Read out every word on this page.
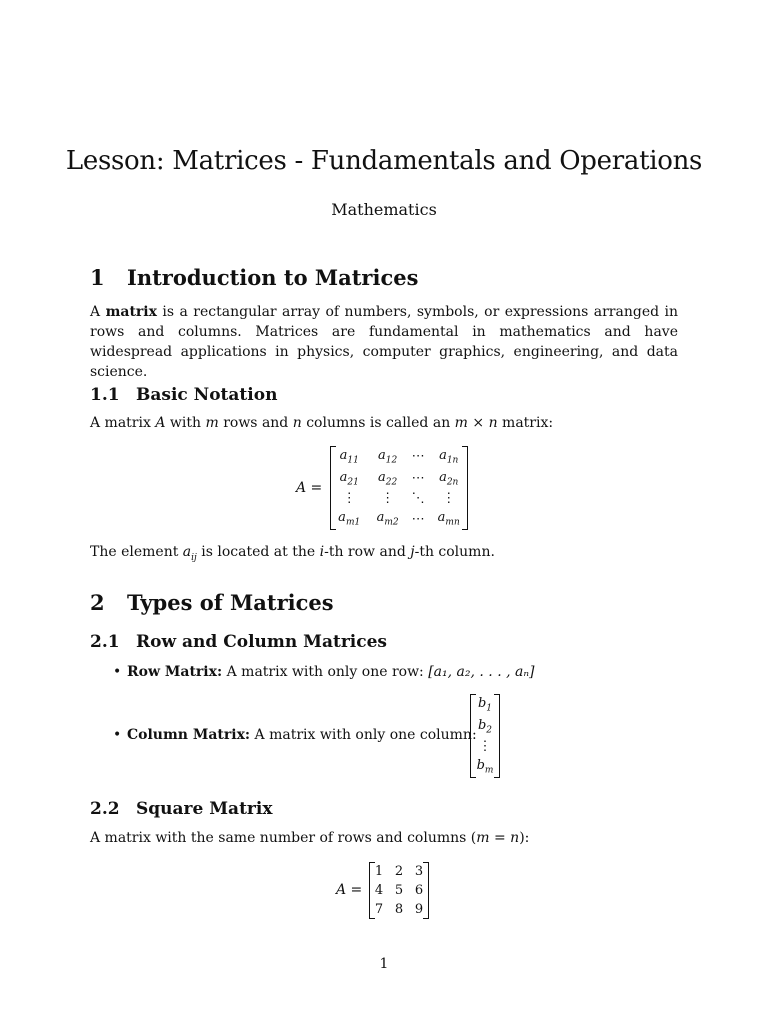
Lesson: Matrices - Fundamentals and Operations
Mathematics
1 Introduction to Matrices
A matrix is a rectangular array of numbers, symbols, or expressions arranged in rows and columns. Matrices are fundamental in mathematics and have widespread applications in physics, computer graphics, engineering, and data science.
1.1 Basic Notation
A matrix A with m rows and n columns is called an m × n matrix:
A =
$a_{11}$	$a_{12}$	⋯	$a_{1n}$
$a_{21}$	$a_{22}$	⋯	$a_{2n}$
⋮	⋮	⋱	⋮
$a_{m1}$	$a_{m2}$	⋯	$a_{mn}$
The element $a_{ij}$ is located at the i-th row and j-th column.
2 Types of Matrices
2.1 Row and Column Matrices
• Row Matrix: A matrix with only one row: [a₁, a₂, . . . , aₙ]
• Column Matrix: A matrix with only one column:
$b_1$
$b_2$
⋮
$b_m$
2.2 Square Matrix
A matrix with the same number of rows and columns (m = n):
A =
1	2	3
4	5	6
7	8	9
1
